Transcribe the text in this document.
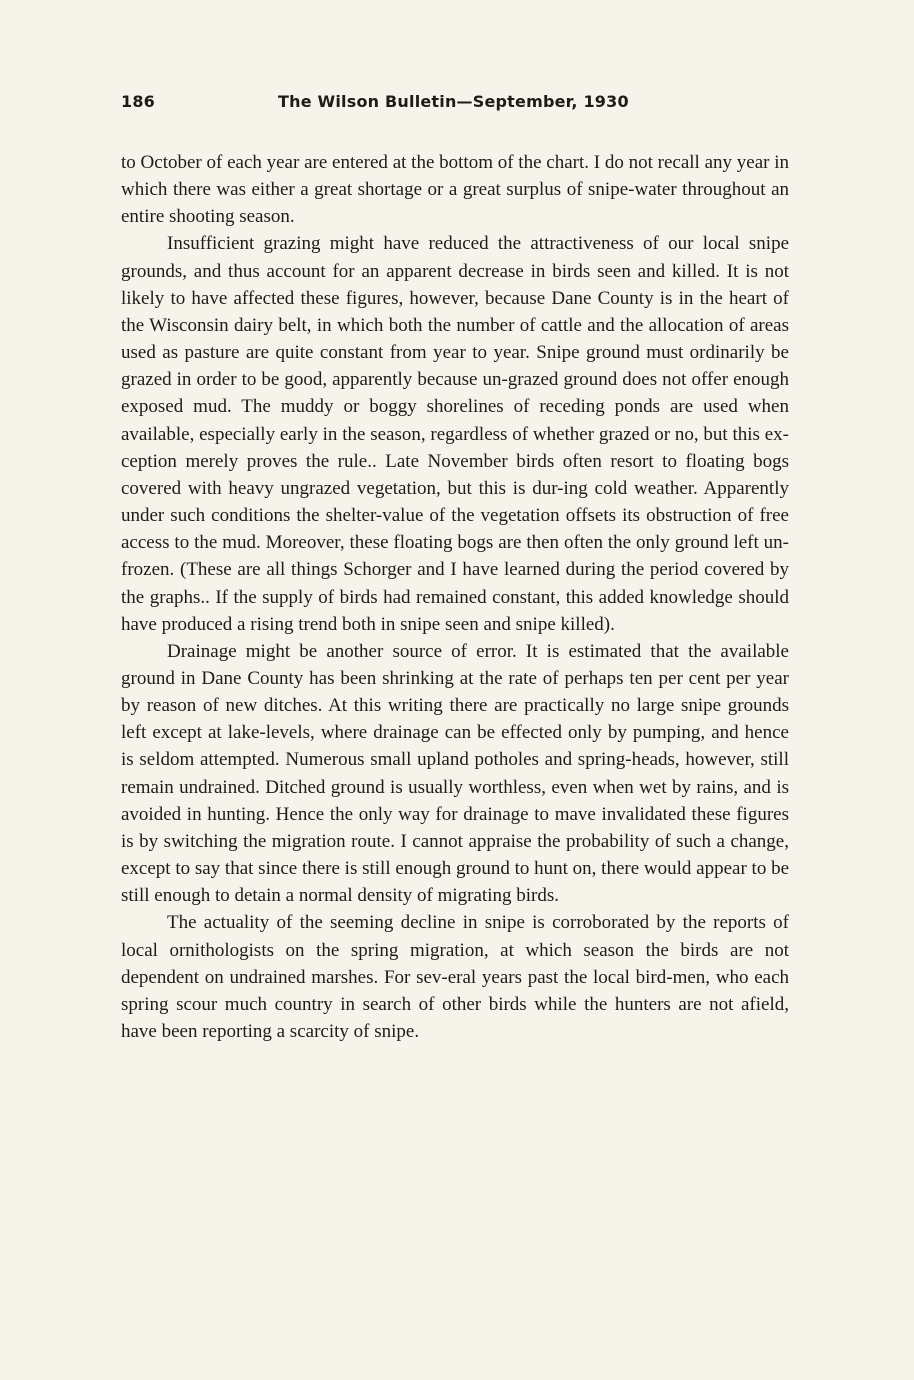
186	The Wilson Bulletin—September, 1930

to October of each year are entered at the bottom of the chart. I do not recall any year in which there was either a great shortage or a great surplus of snipe-water throughout an entire shooting season.

Insufficient grazing might have reduced the attractiveness of our local snipe grounds, and thus account for an apparent decrease in birds seen and killed. It is not likely to have affected these figures, however, because Dane County is in the heart of the Wisconsin dairy belt, in which both the number of cattle and the allocation of areas used as pasture are quite constant from year to year. Snipe ground must ordinarily be grazed in order to be good, apparently because un-grazed ground does not offer enough exposed mud. The muddy or boggy shorelines of receding ponds are used when available, especially early in the season, regardless of whether grazed or no, but this ex-ception merely proves the rule.. Late November birds often resort to floating bogs covered with heavy ungrazed vegetation, but this is dur-ing cold weather. Apparently under such conditions the shelter-value of the vegetation offsets its obstruction of free access to the mud. Moreover, these floating bogs are then often the only ground left un-frozen. (These are all things Schorger and I have learned during the period covered by the graphs.. If the supply of birds had remained constant, this added knowledge should have produced a rising trend both in snipe seen and snipe killed).

Drainage might be another source of error. It is estimated that the available ground in Dane County has been shrinking at the rate of perhaps ten per cent per year by reason of new ditches. At this writing there are practically no large snipe grounds left except at lake-levels, where drainage can be effected only by pumping, and hence is seldom attempted. Numerous small upland potholes and spring-heads, however, still remain undrained. Ditched ground is usually worthless, even when wet by rains, and is avoided in hunting. Hence the only way for drainage to mave invalidated these figures is by switching the migration route. I cannot appraise the probability of such a change, except to say that since there is still enough ground to hunt on, there would appear to be still enough to detain a normal density of migrating birds.

The actuality of the seeming decline in snipe is corroborated by the reports of local ornithologists on the spring migration, at which season the birds are not dependent on undrained marshes. For sev-eral years past the local bird-men, who each spring scour much country in search of other birds while the hunters are not afield, have been reporting a scarcity of snipe.
